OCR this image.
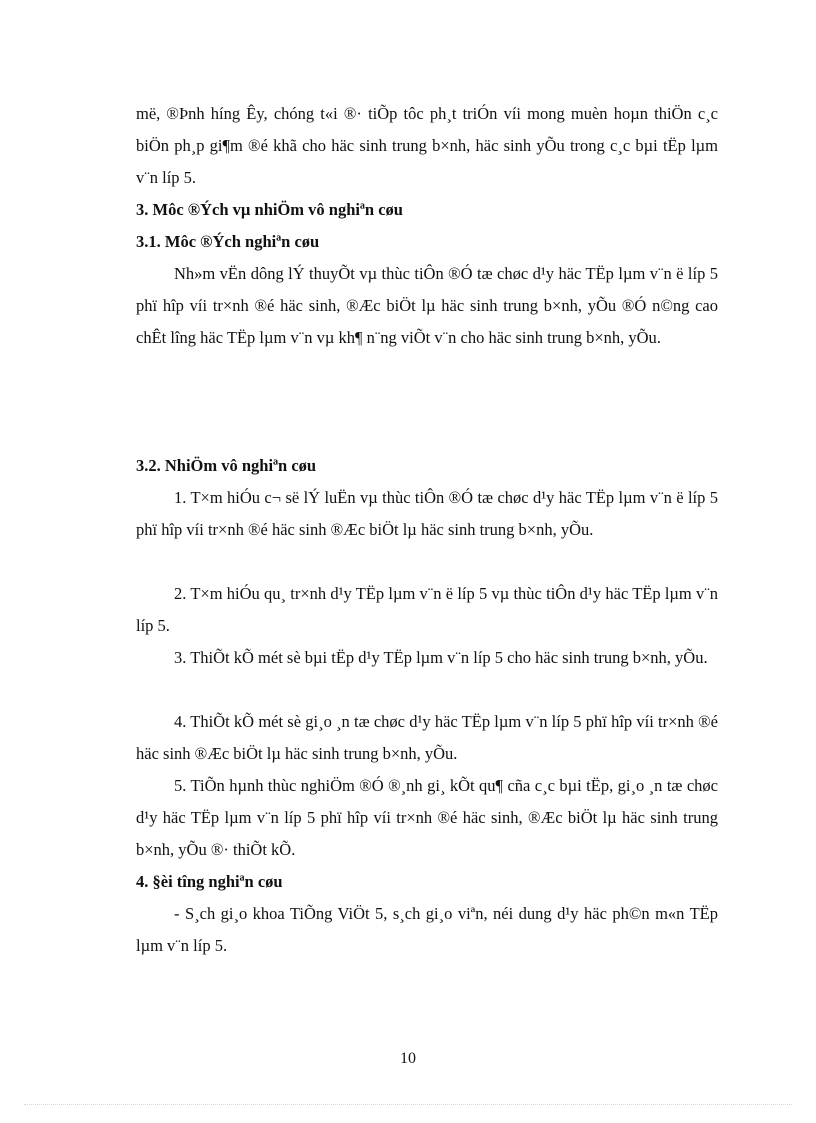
më, ®Þnh híng Êy, chóng t«i ®· tiÕp tôc ph¸t triÓn víi mong muèn hoµn thiÖn c¸c biÖn ph¸p gi¶m ®é khã cho häc sinh trung b×nh, häc sinh yÕu trong c¸c bµi tËp lµm v¨n líp 5.
3. Môc ®Ých vµ nhiÖm vô nghiªn cøu
3.1. Môc ®Ých nghiªn cøu
Nh»m vËn dông lÝ thuyÕt vµ thùc tiÔn ®Ó tæ chøc d¹y häc TËp lµm v¨n ë líp 5 phï hîp víi tr×nh ®é häc sinh, ®Æc biÖt lµ häc sinh trung b×nh, yÕu ®Ó n©ng cao chÊt lîng häc TËp lµm v¨n vµ kh¶ n¨ng viÕt v¨n cho häc sinh trung b×nh, yÕu.
3.2. NhiÖm vô nghiªn cøu
1. T×m hiÓu c¬ së lÝ luËn vµ thùc tiÔn ®Ó tæ chøc d¹y häc TËp lµm v¨n ë líp 5 phï hîp víi tr×nh ®é häc sinh ®Æc biÖt lµ häc sinh trung b×nh, yÕu.
2. T×m hiÓu qu¸ tr×nh d¹y TËp lµm v¨n ë líp 5 vµ thùc tiÔn d¹y häc TËp lµm v¨n líp 5.
3. ThiÕt kÕ mét sè bµi tËp d¹y TËp lµm v¨n líp 5 cho häc sinh trung b×nh, yÕu.
4. ThiÕt kÕ mét sè gi¸o ¸n tæ chøc d¹y häc TËp lµm v¨n líp 5 phï hîp víi tr×nh ®é häc sinh ®Æc biÖt lµ häc sinh trung b×nh, yÕu.
5. TiÕn hµnh thùc nghiÖm ®Ó ®¸nh gi¸ kÕt qu¶ cña c¸c bµi tËp, gi¸o ¸n tæ chøc d¹y häc TËp lµm v¨n líp 5 phï hîp víi tr×nh ®é häc sinh, ®Æc biÖt lµ häc sinh trung b×nh, yÕu ®· thiÕt kÕ.
4. §èi tîng nghiªn cøu
- S¸ch gi¸o khoa TiÕng ViÖt 5, s¸ch gi¸o viªn, néi dung d¹y häc ph©n m«n TËp lµm v¨n líp 5.
10
